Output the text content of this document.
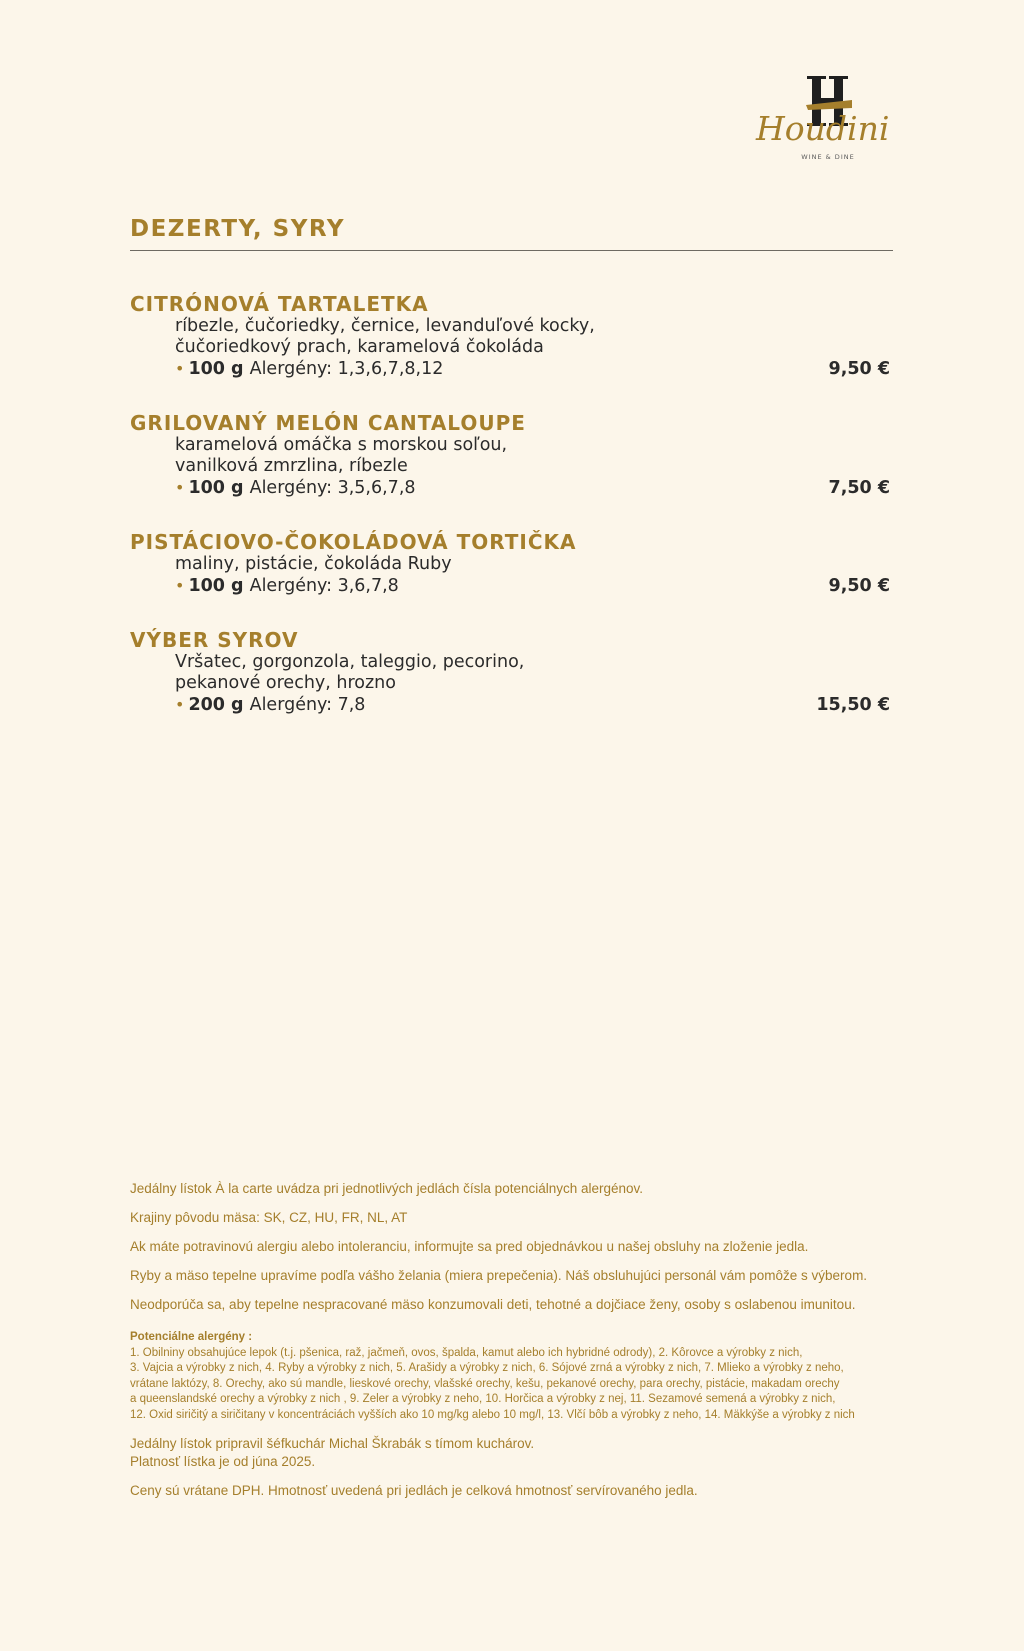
Houdini
WINE & DINE
DEZERTY, SYRY
CITRÓNOVÁ TARTALETKA
ríbezle, čučoriedky, černice, levanduľové kocky,
čučoriedkový prach, karamelová čokoláda
• 100 g Alergény: 1,3,6,7,8,12	9,50 €
GRILOVANÝ MELÓN CANTALOUPE
karamelová omáčka s morskou soľou,
vanilková zmrzlina, ríbezle
• 100 g Alergény: 3,5,6,7,8	7,50 €
PISTÁCIOVO-ČOKOLÁDOVÁ TORTIČKA
maliny, pistácie, čokoláda Ruby
• 100 g Alergény: 3,6,7,8	9,50 €
VÝBER SYROV
Vršatec, gorgonzola, taleggio, pecorino,
pekanové orechy, hrozno
• 200 g Alergény: 7,8	15,50 €

Jedálny lístok À la carte uvádza pri jednotlivých jedlách čísla potenciálnych alergénov.

Krajiny pôvodu mäsa: SK, CZ, HU, FR, NL, AT

Ak máte potravinovú alergiu alebo intoleranciu, informujte sa pred objednávkou u našej obsluhy na zloženie jedla.

Ryby a mäso tepelne upravíme podľa vášho želania (miera prepečenia). Náš obsluhujúci personál vám pomôže s výberom.

Neodporúča sa, aby tepelne nespracované mäso konzumovali deti, tehotné a dojčiace ženy, osoby s oslabenou imunitou.

Potenciálne alergény :
1. Obilniny obsahujúce lepok (t.j. pšenica, raž, jačmeň, ovos, špalda, kamut alebo ich hybridné odrody), 2. Kôrovce a výrobky z nich,
3. Vajcia a výrobky z nich, 4. Ryby a výrobky z nich, 5. Arašidy a výrobky z nich, 6. Sójové zrná a výrobky z nich, 7. Mlieko a výrobky z neho,
vrátane laktózy, 8. Orechy, ako sú mandle, lieskové orechy, vlašské orechy, kešu, pekanové orechy, para orechy, pistácie, makadam orechy
a queenslandské orechy a výrobky z nich , 9. Zeler a výrobky z neho, 10. Horčica a výrobky z nej, 11. Sezamové semená a výrobky z nich,
12. Oxid siričitý a siričitany v koncentráciách vyšších ako 10 mg/kg alebo 10 mg/l, 13. Vlčí bôb a výrobky z neho, 14. Mäkkýše a výrobky z nich
Jedálny lístok pripravil šéfkuchár Michal Škrabák s tímom kuchárov.
Platnosť lístka je od júna 2025.
Ceny sú vrátane DPH. Hmotnosť uvedená pri jedlách je celková hmotnosť servírovaného jedla.
